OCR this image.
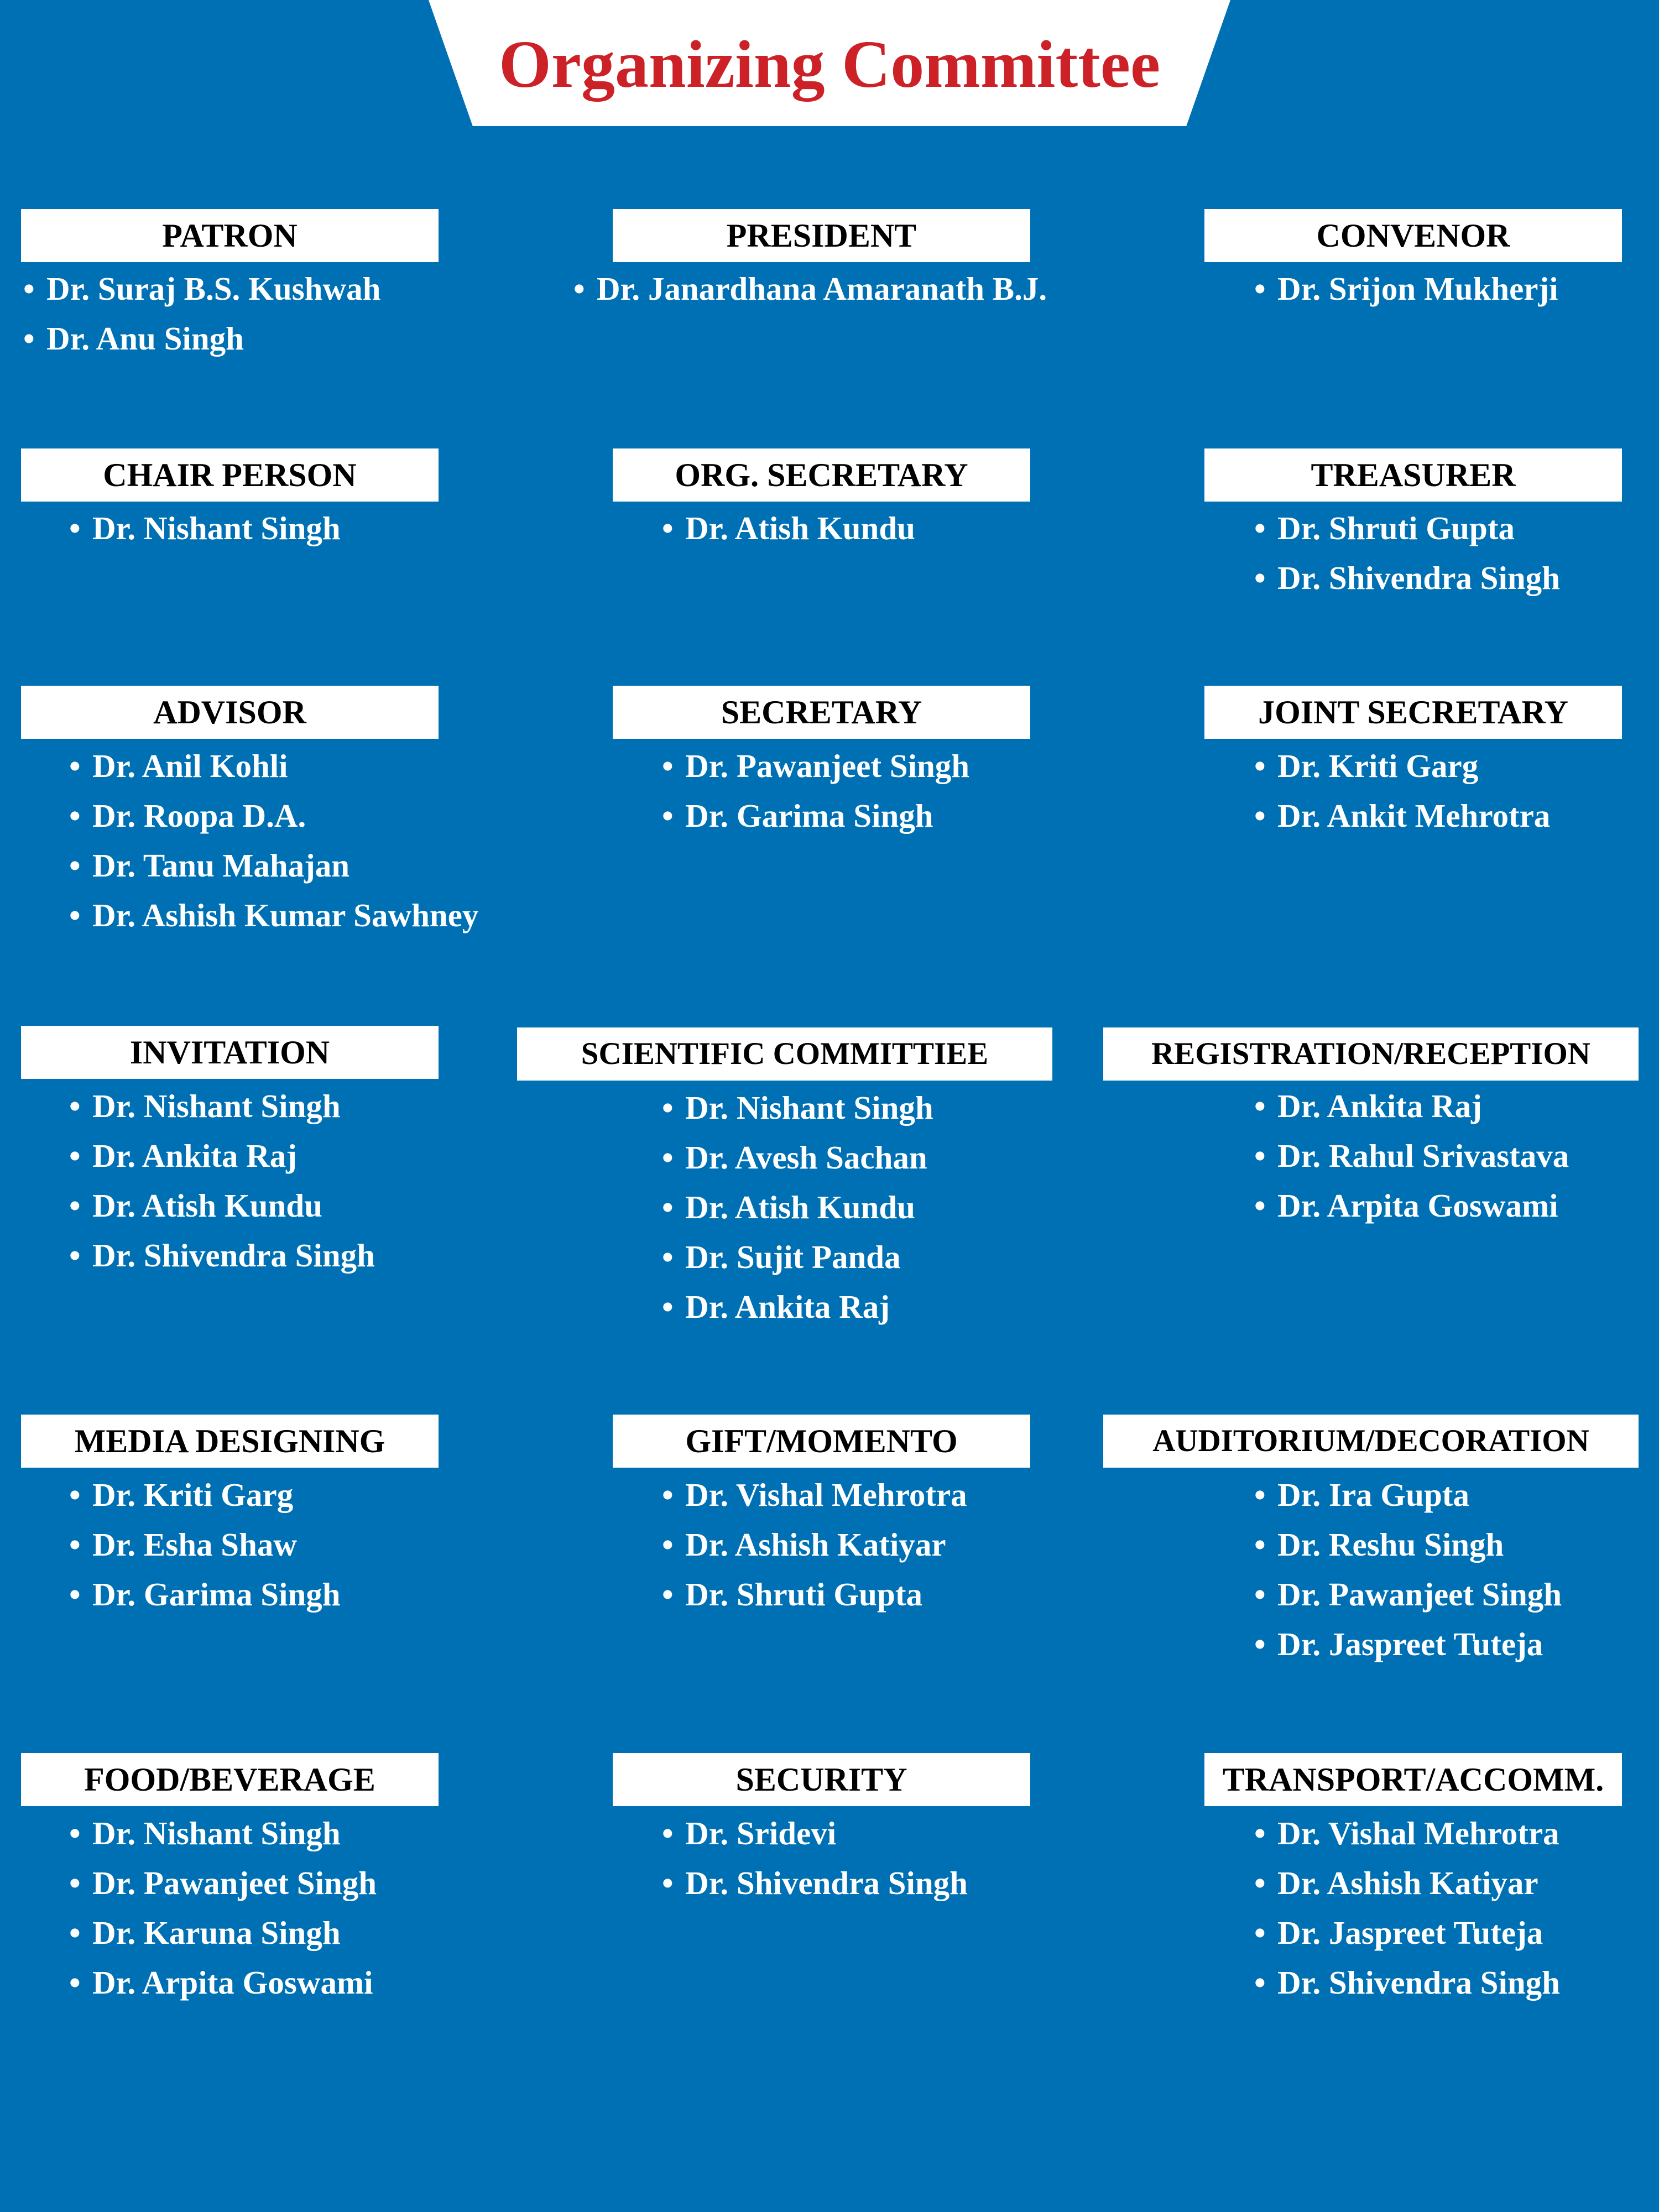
Organizing Committee
PATRON
• Dr. Suraj B.S. Kushwah
• Dr. Anu Singh
PRESIDENT
• Dr. Janardhana Amaranath B.J.
CONVENOR
• Dr. Srijon Mukherji
CHAIR PERSON
• Dr. Nishant Singh
ORG. SECRETARY
• Dr. Atish Kundu
TREASURER
• Dr. Shruti Gupta
• Dr. Shivendra Singh
ADVISOR
• Dr. Anil Kohli
• Dr. Roopa D.A.
• Dr. Tanu Mahajan
• Dr. Ashish Kumar Sawhney
SECRETARY
• Dr. Pawanjeet Singh
• Dr. Garima Singh
JOINT SECRETARY
• Dr. Kriti Garg
• Dr. Ankit Mehrotra
INVITATION
• Dr. Nishant Singh
• Dr. Ankita Raj
• Dr. Atish Kundu
• Dr. Shivendra Singh
SCIENTIFIC COMMITTIEE
• Dr. Nishant Singh
• Dr. Avesh Sachan
• Dr. Atish Kundu
• Dr. Sujit Panda
• Dr. Ankita Raj
REGISTRATION/RECEPTION
• Dr. Ankita Raj
• Dr. Rahul Srivastava
• Dr. Arpita Goswami
MEDIA DESIGNING
• Dr. Kriti Garg
• Dr. Esha Shaw
• Dr. Garima Singh
GIFT/MOMENTO
• Dr. Vishal Mehrotra
• Dr. Ashish Katiyar
• Dr. Shruti Gupta
AUDITORIUM/DECORATION
• Dr. Ira Gupta
• Dr. Reshu Singh
• Dr. Pawanjeet Singh
• Dr. Jaspreet Tuteja
FOOD/BEVERAGE
• Dr. Nishant Singh
• Dr. Pawanjeet Singh
• Dr. Karuna Singh
• Dr. Arpita Goswami
SECURITY
• Dr. Sridevi
• Dr. Shivendra Singh
TRANSPORT/ACCOMM.
• Dr. Vishal Mehrotra
• Dr. Ashish Katiyar
• Dr. Jaspreet Tuteja
• Dr. Shivendra Singh
